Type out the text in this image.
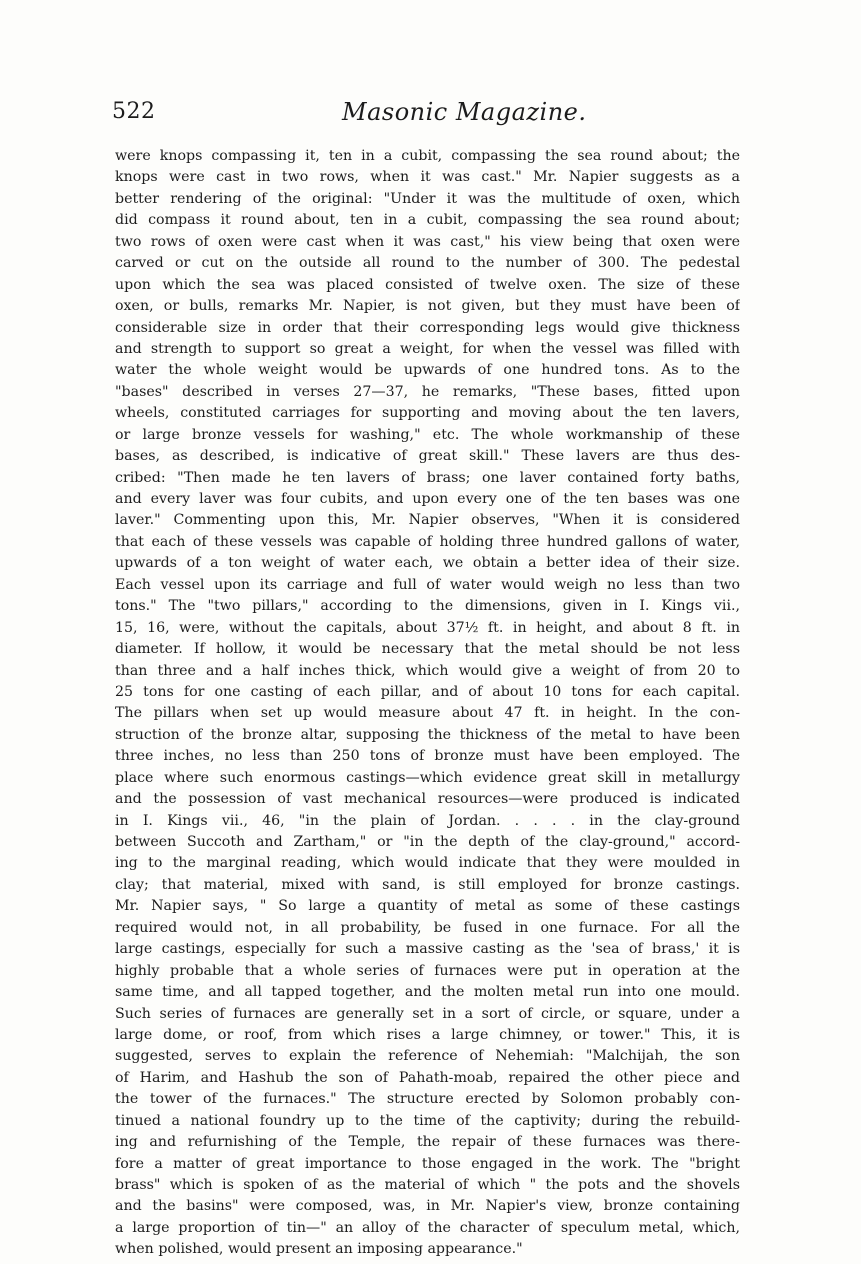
522	Masonic Magazine.
were knops compassing it, ten in a cubit, compassing the sea round about; the
knops were cast in two rows, when it was cast." Mr. Napier suggests as a
better rendering of the original: "Under it was the multitude of oxen, which
did compass it round about, ten in a cubit, compassing the sea round about;
two rows of oxen were cast when it was cast," his view being that oxen were
carved or cut on the outside all round to the number of 300. The pedestal
upon which the sea was placed consisted of twelve oxen. The size of these
oxen, or bulls, remarks Mr. Napier, is not given, but they must have been of
considerable size in order that their corresponding legs would give thickness
and strength to support so great a weight, for when the vessel was filled with
water the whole weight would be upwards of one hundred tons. As to the
"bases" described in verses 27—37, he remarks, "These bases, fitted upon
wheels, constituted carriages for supporting and moving about the ten lavers,
or large bronze vessels for washing," etc. The whole workmanship of these
bases, as described, is indicative of great skill." These lavers are thus des-
cribed: "Then made he ten lavers of brass; one laver contained forty baths,
and every laver was four cubits, and upon every one of the ten bases was one
laver." Commenting upon this, Mr. Napier observes, "When it is considered
that each of these vessels was capable of holding three hundred gallons of water,
upwards of a ton weight of water each, we obtain a better idea of their size.
Each vessel upon its carriage and full of water would weigh no less than two
tons." The "two pillars," according to the dimensions, given in I. Kings vii.,
15, 16, were, without the capitals, about 37½ ft. in height, and about 8 ft. in
diameter. If hollow, it would be necessary that the metal should be not less
than three and a half inches thick, which would give a weight of from 20 to
25 tons for one casting of each pillar, and of about 10 tons for each capital.
The pillars when set up would measure about 47 ft. in height. In the con-
struction of the bronze altar, supposing the thickness of the metal to have been
three inches, no less than 250 tons of bronze must have been employed. The
place where such enormous castings—which evidence great skill in metallurgy
and the possession of vast mechanical resources—were produced is indicated
in I. Kings vii., 46, "in the plain of Jordan. . . . . in the clay-ground
between Succoth and Zartham," or "in the depth of the clay-ground," accord-
ing to the marginal reading, which would indicate that they were moulded in
clay; that material, mixed with sand, is still employed for bronze castings.
Mr. Napier says, " So large a quantity of metal as some of these castings
required would not, in all probability, be fused in one furnace. For all the
large castings, especially for such a massive casting as the 'sea of brass,' it is
highly probable that a whole series of furnaces were put in operation at the
same time, and all tapped together, and the molten metal run into one mould.
Such series of furnaces are generally set in a sort of circle, or square, under a
large dome, or roof, from which rises a large chimney, or tower." This, it is
suggested, serves to explain the reference of Nehemiah: "Malchijah, the son
of Harim, and Hashub the son of Pahath-moab, repaired the other piece and
the tower of the furnaces." The structure erected by Solomon probably con-
tinued a national foundry up to the time of the captivity; during the rebuild-
ing and refurnishing of the Temple, the repair of these furnaces was there-
fore a matter of great importance to those engaged in the work. The "bright
brass" which is spoken of as the material of which " the pots and the shovels
and the basins" were composed, was, in Mr. Napier's view, bronze containing
a large proportion of tin—" an alloy of the character of speculum metal, which,
when polished, would present an imposing appearance."
